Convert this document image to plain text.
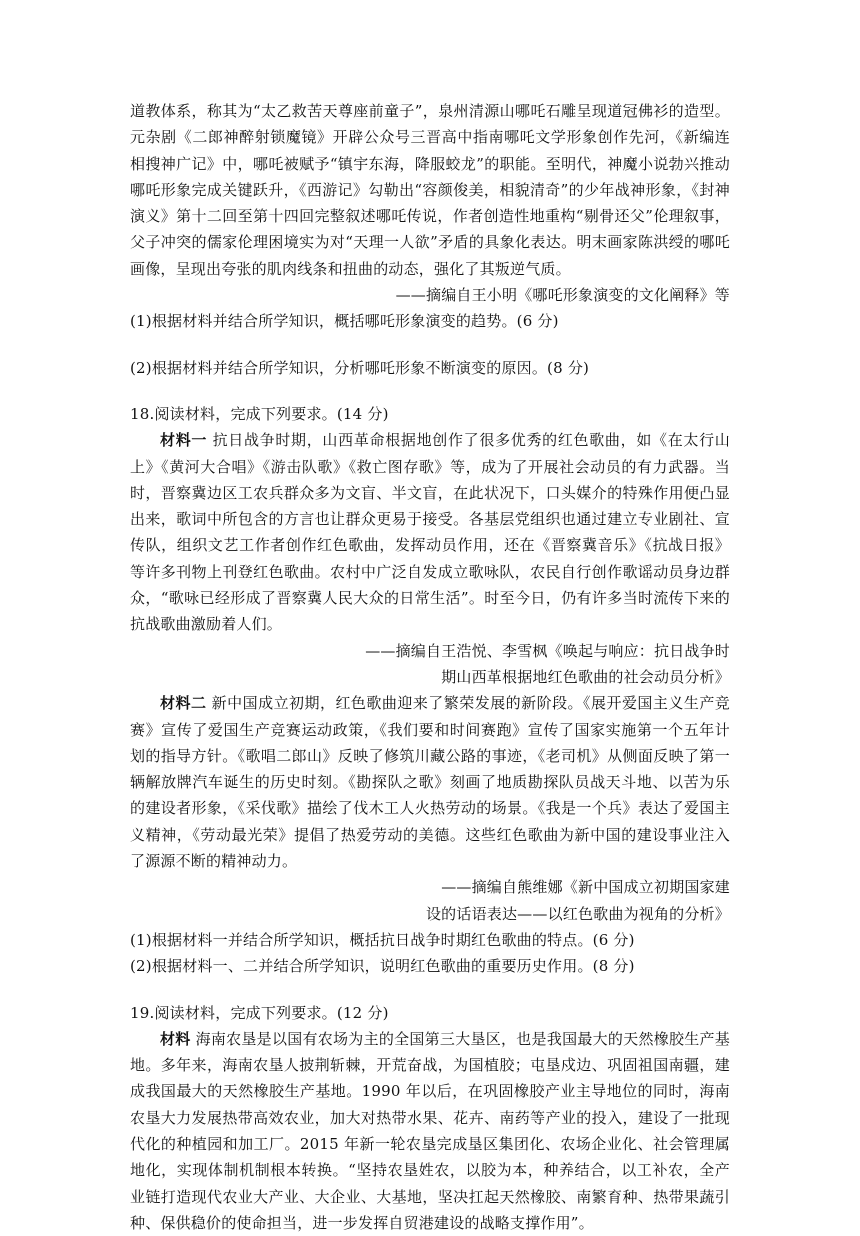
道教体系，称其为“太乙救苦天尊座前童子”，泉州清源山哪吒石雕呈现道冠佛衫的造型。元杂剧《二郎神醉射锁魔镜》开辟公众号三晋高中指南哪吒文学形象创作先河，《新编连相搜神广记》中，哪吒被赋予“镇宇东海，降服蛟龙”的职能。至明代，神魔小说勃兴推动哪吒形象完成关键跃升，《西游记》勾勒出“容颜俊美，相貌清奇”的少年战神形象，《封神演义》第十二回至第十四回完整叙述哪吒传说，作者创造性地重构“剔骨还父”伦理叙事，父子冲突的儒家伦理困境实为对“天理一人欲”矛盾的具象化表达。明末画家陈洪绶的哪吒画像，呈现出夸张的肌肉线条和扭曲的动态，强化了其叛逆气质。

——摘编自王小明《哪吒形象演变的文化阐释》等

(1)根据材料并结合所学知识，概括哪吒形象演变的趋势。(6 分)

(2)根据材料并结合所学知识，分析哪吒形象不断演变的原因。(8 分)

18.阅读材料，完成下列要求。(14 分)

材料一 抗日战争时期，山西革命根据地创作了很多优秀的红色歌曲，如《在太行山上》《黄河大合唱》《游击队歌》《救亡图存歌》等，成为了开展社会动员的有力武器。当时，晋察冀边区工农兵群众多为文盲、半文盲，在此状况下，口头媒介的特殊作用便凸显出来，歌词中所包含的方言也让群众更易于接受。各基层党组织也通过建立专业剧社、宣传队，组织文艺工作者创作红色歌曲，发挥动员作用，还在《晋察冀音乐》《抗战日报》等许多刊物上刊登红色歌曲。农村中广泛自发成立歌咏队，农民自行创作歌谣动员身边群众，“歌咏已经形成了晋察冀人民大众的日常生活”。时至今日，仍有许多当时流传下来的抗战歌曲激励着人们。

——摘编自王浩悦、李雪枫《唤起与响应：抗日战争时

期山西革根据地红色歌曲的社会动员分析》

材料二 新中国成立初期，红色歌曲迎来了繁荣发展的新阶段。《展开爱国主义生产竞赛》宣传了爱国生产竞赛运动政策，《我们要和时间赛跑》宣传了国家实施第一个五年计划的指导方针。《歌唱二郎山》反映了修筑川藏公路的事迹，《老司机》从侧面反映了第一辆解放牌汽车诞生的历史时刻。《勘探队之歌》刻画了地质勘探队员战天斗地、以苦为乐的建设者形象，《采伐歌》描绘了伐木工人火热劳动的场景。《我是一个兵》表达了爱国主义精神，《劳动最光荣》提倡了热爱劳动的美德。这些红色歌曲为新中国的建设事业注入了源源不断的精神动力。

——摘编自熊维娜《新中国成立初期国家建

设的话语表达——以红色歌曲为视角的分析》

(1)根据材料一并结合所学知识，概括抗日战争时期红色歌曲的特点。(6 分)

(2)根据材料一、二并结合所学知识，说明红色歌曲的重要历史作用。(8 分)

19.阅读材料，完成下列要求。(12 分)

材料 海南农垦是以国有农场为主的全国第三大垦区，也是我国最大的天然橡胶生产基地。多年来，海南农垦人披荆斩棘，开荒奋战，为国植胶；屯垦戍边、巩固祖国南疆，建成我国最大的天然橡胶生产基地。1990 年以后，在巩固橡胶产业主导地位的同时，海南农垦大力发展热带高效农业，加大对热带水果、花卉、南药等产业的投入，建设了一批现代化的种植园和加工厂。2015 年新一轮农垦完成垦区集团化、农场企业化、社会管理属地化，实现体制机制根本转换。“坚持农垦姓农，以胶为本，种养结合，以工补农，全产业链打造现代农业大产业、大企业、大基地，坚决扛起天然橡胶、南繁育种、热带果蔬引种、保供稳价的使命担当，进一步发挥自贸港建设的战略支撑作用”。
